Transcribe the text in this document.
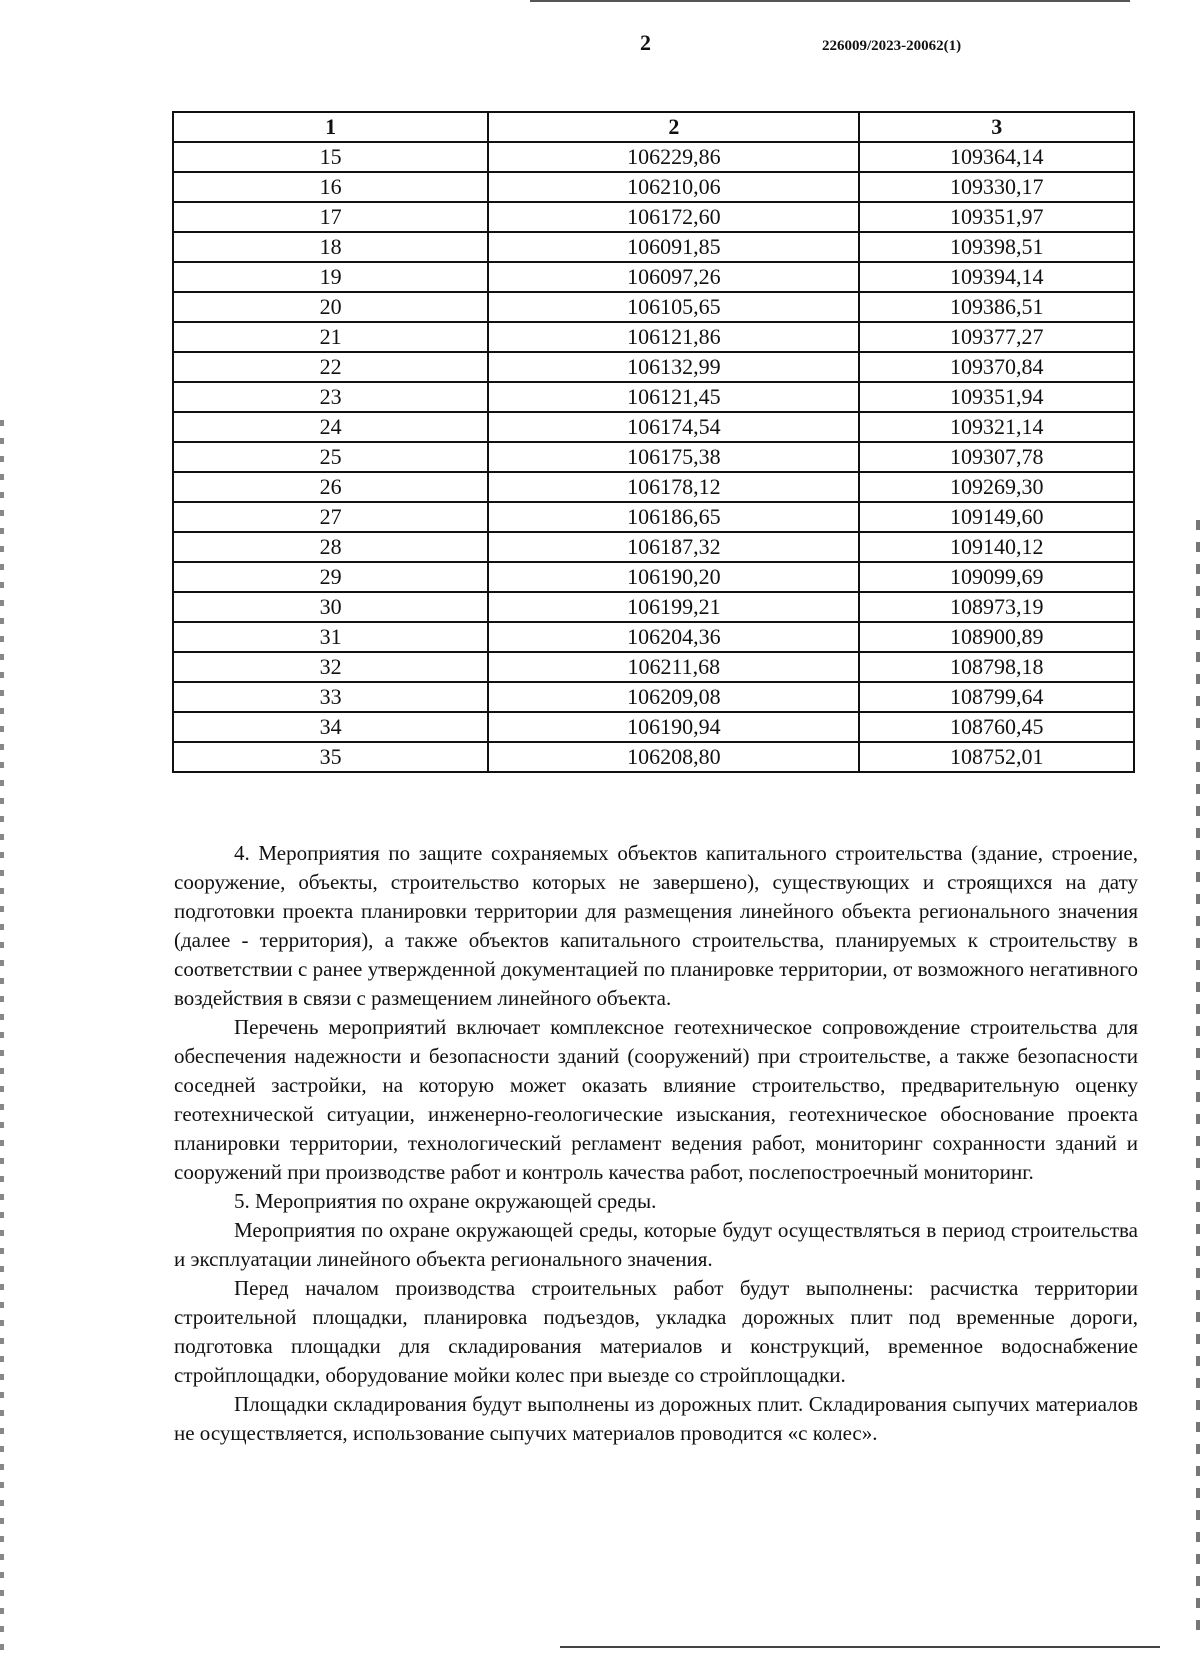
2	226009/2023-20062(1)
1	2	3
15	106229,86	109364,14
16	106210,06	109330,17
17	106172,60	109351,97
18	106091,85	109398,51
19	106097,26	109394,14
20	106105,65	109386,51
21	106121,86	109377,27
22	106132,99	109370,84
23	106121,45	109351,94
24	106174,54	109321,14
25	106175,38	109307,78
26	106178,12	109269,30
27	106186,65	109149,60
28	106187,32	109140,12
29	106190,20	109099,69
30	106199,21	108973,19
31	106204,36	108900,89
32	106211,68	108798,18
33	106209,08	108799,64
34	106190,94	108760,45
35	106208,80	108752,01

4. Мероприятия по защите сохраняемых объектов капитального строительства (здание, строение, сооружение, объекты, строительство которых не завершено), существующих и строящихся на дату подготовки проекта планировки территории для размещения линейного объекта регионального значения (далее - территория), а также объектов капитального строительства, планируемых к строительству в соответствии с ранее утвержденной документацией по планировке территории, от возможного негативного воздействия в связи с размещением линейного объекта.

Перечень мероприятий включает комплексное геотехническое сопровождение строительства для обеспечения надежности и безопасности зданий (сооружений) при строительстве, а также безопасности соседней застройки, на которую может оказать влияние строительство, предварительную оценку геотехнической ситуации, инженерно-геологические изыскания, геотехническое обоснование проекта планировки территории, технологический регламент ведения работ, мониторинг сохранности зданий и сооружений при производстве работ и контроль качества работ, послепостроечный мониторинг.

5. Мероприятия по охране окружающей среды.

Мероприятия по охране окружающей среды, которые будут осуществляться в период строительства и эксплуатации линейного объекта регионального значения.

Перед началом производства строительных работ будут выполнены: расчистка территории строительной площадки, планировка подъездов, укладка дорожных плит под временные дороги, подготовка площадки для складирования материалов и конструкций, временное водоснабжение стройплощадки, оборудование мойки колес при выезде со стройплощадки.

Площадки складирования будут выполнены из дорожных плит. Складирования сыпучих материалов не осуществляется, использование сыпучих материалов проводится «с колес».
